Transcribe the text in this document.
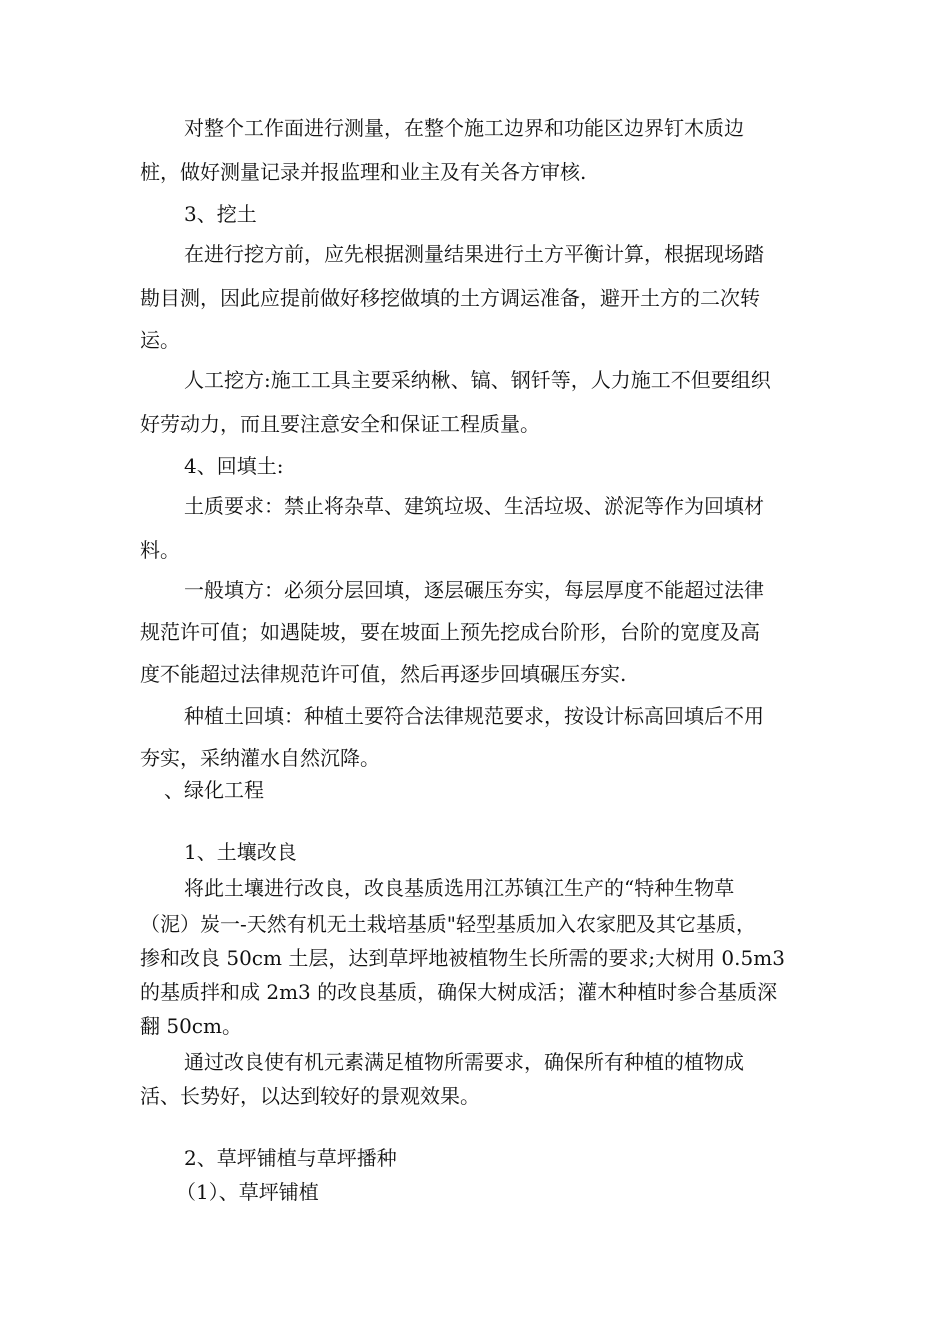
对整个工作面进行测量，在整个施工边界和功能区边界钉木质边
桩，做好测量记录并报监理和业主及有关各方审核.
3、挖土
在进行挖方前，应先根据测量结果进行土方平衡计算，根据现场踏
勘目测，因此应提前做好移挖做填的土方调运准备，避开土方的二次转
运。
人工挖方:施工工具主要采纳楸、镐、钢钎等，人力施工不但要组织
好劳动力，而且要注意安全和保证工程质量。
4、回填土:
土质要求：禁止将杂草、建筑垃圾、生活垃圾、淤泥等作为回填材
料。
一般填方：必须分层回填，逐层碾压夯实，每层厚度不能超过法律
规范许可值；如遇陡坡，要在坡面上预先挖成台阶形，台阶的宽度及高
度不能超过法律规范许可值，然后再逐步回填碾压夯实.
种植土回填：种植土要符合法律规范要求，按设计标高回填后不用
夯实，采纳灌水自然沉降。
、绿化工程
1、土壤改良
将此土壤进行改良，改良基质选用江苏镇江生产的“特种生物草
（泥）炭一-天然有机无土栽培基质"轻型基质加入农家肥及其它基质，
掺和改良 50cm 土层，达到草坪地被植物生长所需的要求;大树用 0.5m3
的基质拌和成 2m3 的改良基质，确保大树成活；灌木种植时参合基质深
翻 50cm。
通过改良使有机元素满足植物所需要求，确保所有种植的植物成
活、长势好，以达到较好的景观效果。
2、草坪铺植与草坪播种
（1）、草坪铺植
